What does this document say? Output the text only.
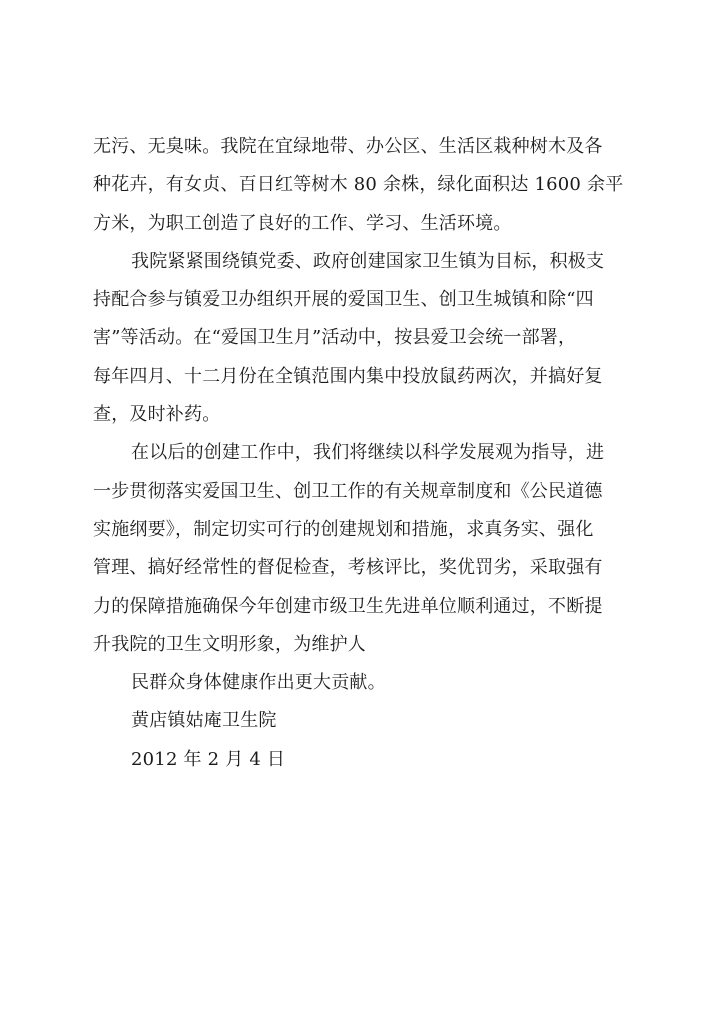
无污、无臭味。我院在宜绿地带、办公区、生活区栽种树木及各
种花卉，有女贞、百日红等树木 80 余株，绿化面积达 1600 余平
方米，为职工创造了良好的工作、学习、生活环境。
我院紧紧围绕镇党委、政府创建国家卫生镇为目标，积极支
持配合参与镇爱卫办组织开展的爱国卫生、创卫生城镇和除“四
害”等活动。在“爱国卫生月”活动中，按县爱卫会统一部署，
每年四月、十二月份在全镇范围内集中投放鼠药两次，并搞好复
查，及时补药。
在以后的创建工作中，我们将继续以科学发展观为指导，进
一步贯彻落实爱国卫生、创卫工作的有关规章制度和《公民道德
实施纲要》，制定切实可行的创建规划和措施，求真务实、强化
管理、搞好经常性的督促检查，考核评比，奖优罚劣，采取强有
力的保障措施确保今年创建市级卫生先进单位顺利通过，不断提
升我院的卫生文明形象，为维护人
民群众身体健康作出更大贡献。
黄店镇姑庵卫生院
2012 年 2 月 4 日
